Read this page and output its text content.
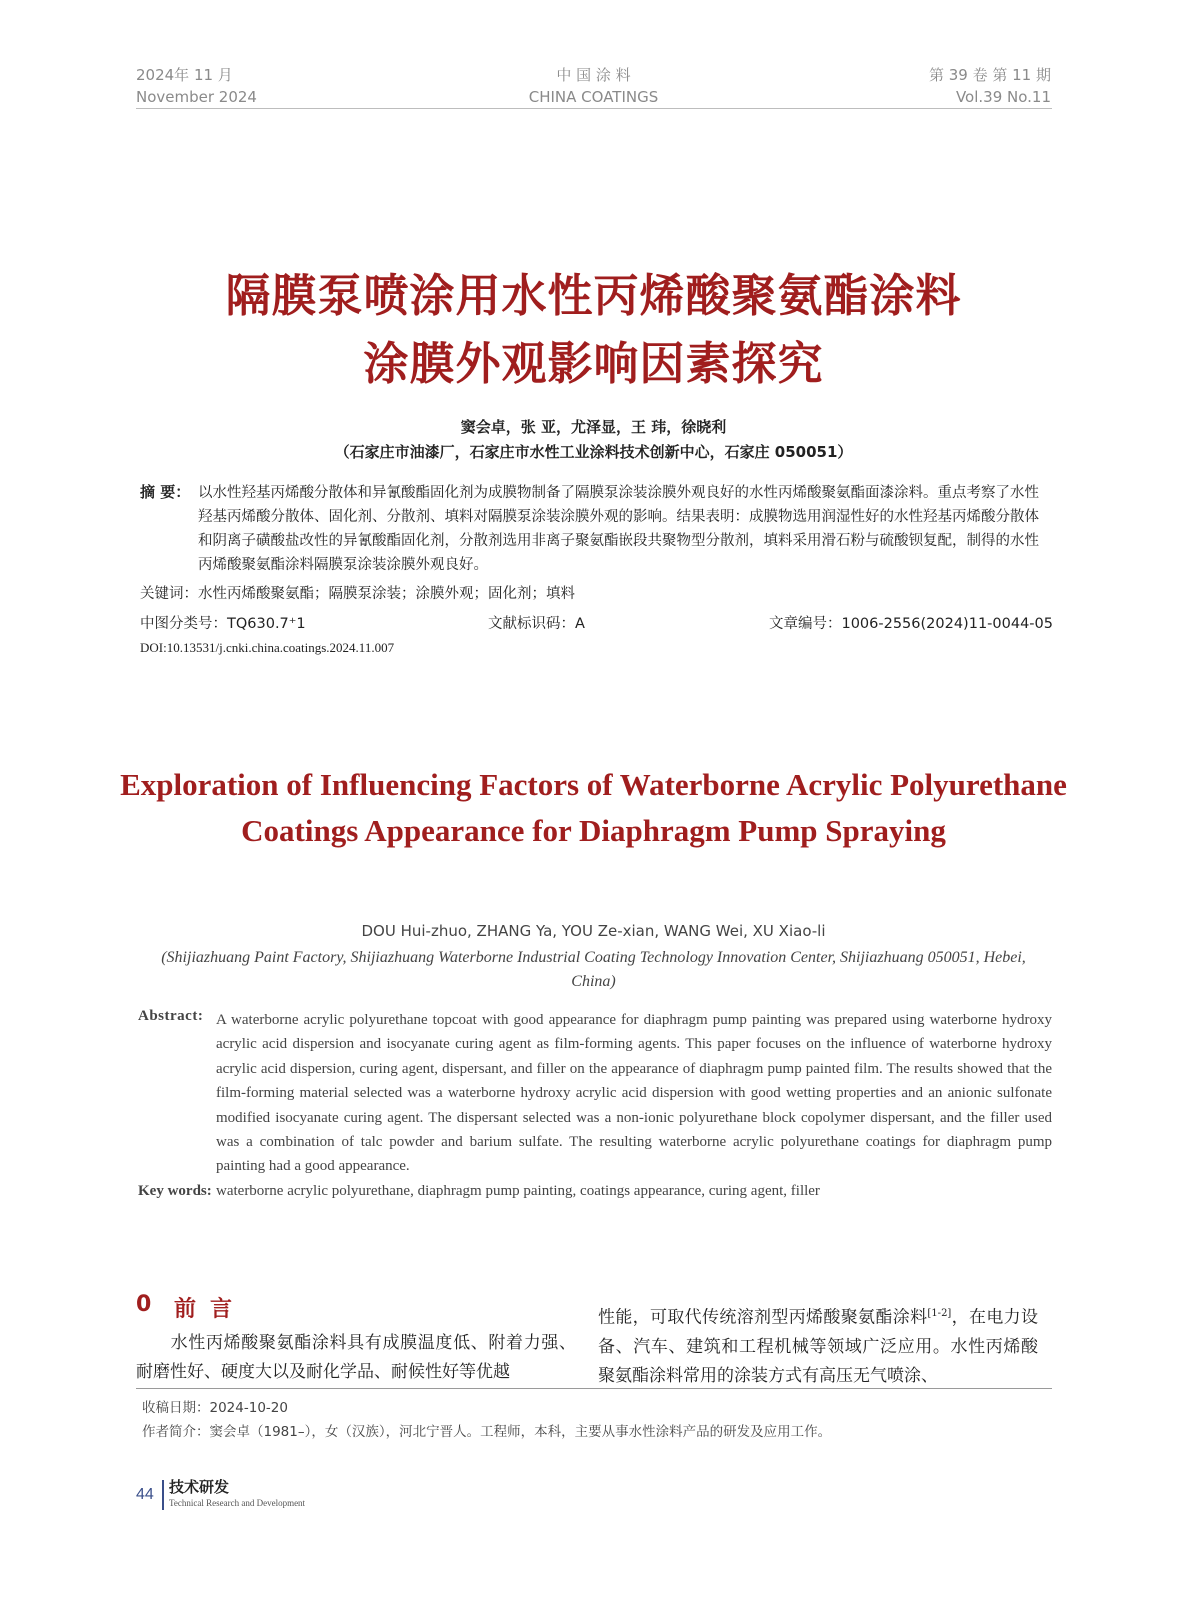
2024年 11 月
November 2024
中 国 涂 料
CHINA COATINGS
第 39 卷 第 11 期
Vol.39 No.11
隔膜泵喷涂用水性丙烯酸聚氨酯涂料
涂膜外观影响因素探究
窦会卓，张 亚，尤泽显，王 玮，徐晓利
（石家庄市油漆厂，石家庄市水性工业涂料技术创新中心，石家庄 050051）
摘 要： 以水性羟基丙烯酸分散体和异氰酸酯固化剂为成膜物制备了隔膜泵涂装涂膜外观良好的水性丙烯酸聚氨酯面漆涂料。重点考察了水性羟基丙烯酸分散体、固化剂、分散剂、填料对隔膜泵涂装涂膜外观的影响。结果表明：成膜物选用润湿性好的水性羟基丙烯酸分散体和阴离子磺酸盐改性的异氰酸酯固化剂，分散剂选用非离子聚氨酯嵌段共聚物型分散剂，填料采用滑石粉与硫酸钡复配，制得的水性丙烯酸聚氨酯涂料隔膜泵涂装涂膜外观良好。
关键词：水性丙烯酸聚氨酯；隔膜泵涂装；涂膜外观；固化剂；填料
中图分类号：TQ630.7⁺1	文献标识码：A	文章编号：1006-2556(2024)11-0044-05
DOI:10.13531/j.cnki.china.coatings.2024.11.007
Exploration of Influencing Factors of Waterborne Acrylic Polyurethane Coatings Appearance for Diaphragm Pump Spraying
DOU Hui-zhuo, ZHANG Ya, YOU Ze-xian, WANG Wei, XU Xiao-li
(Shijiazhuang Paint Factory, Shijiazhuang Waterborne Industrial Coating Technology Innovation Center, Shijiazhuang 050051, Hebei, China)
Abstract: A waterborne acrylic polyurethane topcoat with good appearance for diaphragm pump painting was prepared using waterborne hydroxy acrylic acid dispersion and isocyanate curing agent as film-forming agents. This paper focuses on the influence of waterborne hydroxy acrylic acid dispersion, curing agent, dispersant, and filler on the appearance of diaphragm pump painted film. The results showed that the film-forming material selected was a waterborne hydroxy acrylic acid dispersion with good wetting properties and an anionic sulfonate modified isocyanate curing agent. The dispersant selected was a non-ionic polyurethane block copolymer dispersant, and the filler used was a combination of talc powder and barium sulfate. The resulting waterborne acrylic polyurethane coatings for diaphragm pump painting had a good appearance.
Key words: waterborne acrylic polyurethane, diaphragm pump painting, coatings appearance, curing agent, filler
0 前言
水性丙烯酸聚氨酯涂料具有成膜温度低、附着力强、耐磨性好、硬度大以及耐化学品、耐候性好等优越
性能，可取代传统溶剂型丙烯酸聚氨酯涂料[1-2]，在电力设备、汽车、建筑和工程机械等领域广泛应用。水性丙烯酸聚氨酯涂料常用的涂装方式有高压无气喷涂、
收稿日期：2024-10-20
作者简介：窦会卓（1981–），女（汉族），河北宁晋人。工程师，本科，主要从事水性涂料产品的研发及应用工作。
44 技术研发
Technical Research and Development
